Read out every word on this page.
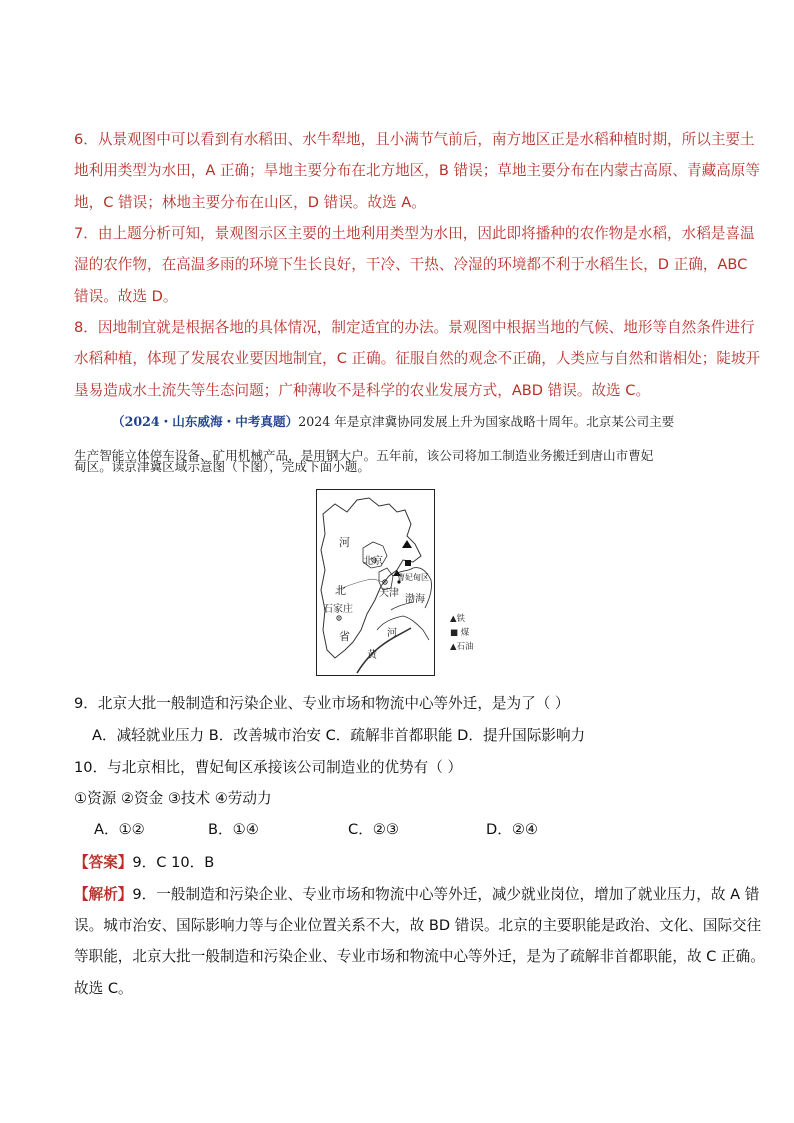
6．从景观图中可以看到有水稻田、水牛犁地，且小满节气前后，南方地区正是水稻种植时期，所以主要土
地利用类型为水田，A 正确；旱地主要分布在北方地区，B 错误；草地主要分布在内蒙古高原、青藏高原等
地，C 错误；林地主要分布在山区，D 错误。故选 A。
7．由上题分析可知，景观图示区主要的土地利用类型为水田，因此即将播种的农作物是水稻，水稻是喜温
湿的农作物，在高温多雨的环境下生长良好，干冷、干热、冷湿的环境都不利于水稻生长，D 正确，ABC
错误。故选 D。
8．因地制宜就是根据各地的具体情况，制定适宜的办法。景观图中根据当地的气候、地形等自然条件进行
水稻种植，体现了发展农业要因地制宜，C 正确。征服自然的观念不正确，人类应与自然和谐相处；陡坡开
垦易造成水土流失等生态问题；广种薄收不是科学的农业发展方式，ABD 错误。故选 C。
（2024・山东威海・中考真题）2024 年是京津冀协同发展上升为国家战略十周年。北京某公司主要
生产智能立体停车设备、矿用机械产品，是用钢大户。五年前，该公司将加工制造业务搬迁到唐山市曹妃
甸区。读京津冀区域示意图（下图），完成下面小题。
河
北京
曹妃甸区
北	天津
渤海
石家庄
省	河
黄
▲铁
■ 煤
▲石油
9．北京大批一般制造和污染企业、专业市场和物流中心等外迁，是为了（ ）
A．减轻就业压力 B．改善城市治安 C．疏解非首都职能 D．提升国际影响力
10．与北京相比，曹妃甸区承接该公司制造业的优势有（ ）
①资源 ②资金 ③技术 ④劳动力
A．①②	B．①④	C．②③	D．②④
【答案】9．C 10．B
【解析】9．一般制造和污染企业、专业市场和物流中心等外迁，减少就业岗位，增加了就业压力，故 A 错
误。城市治安、国际影响力等与企业位置关系不大，故 BD 错误。北京的主要职能是政治、文化、国际交往
等职能，北京大批一般制造和污染企业、专业市场和物流中心等外迁，是为了疏解非首都职能，故 C 正确。
故选 C。
